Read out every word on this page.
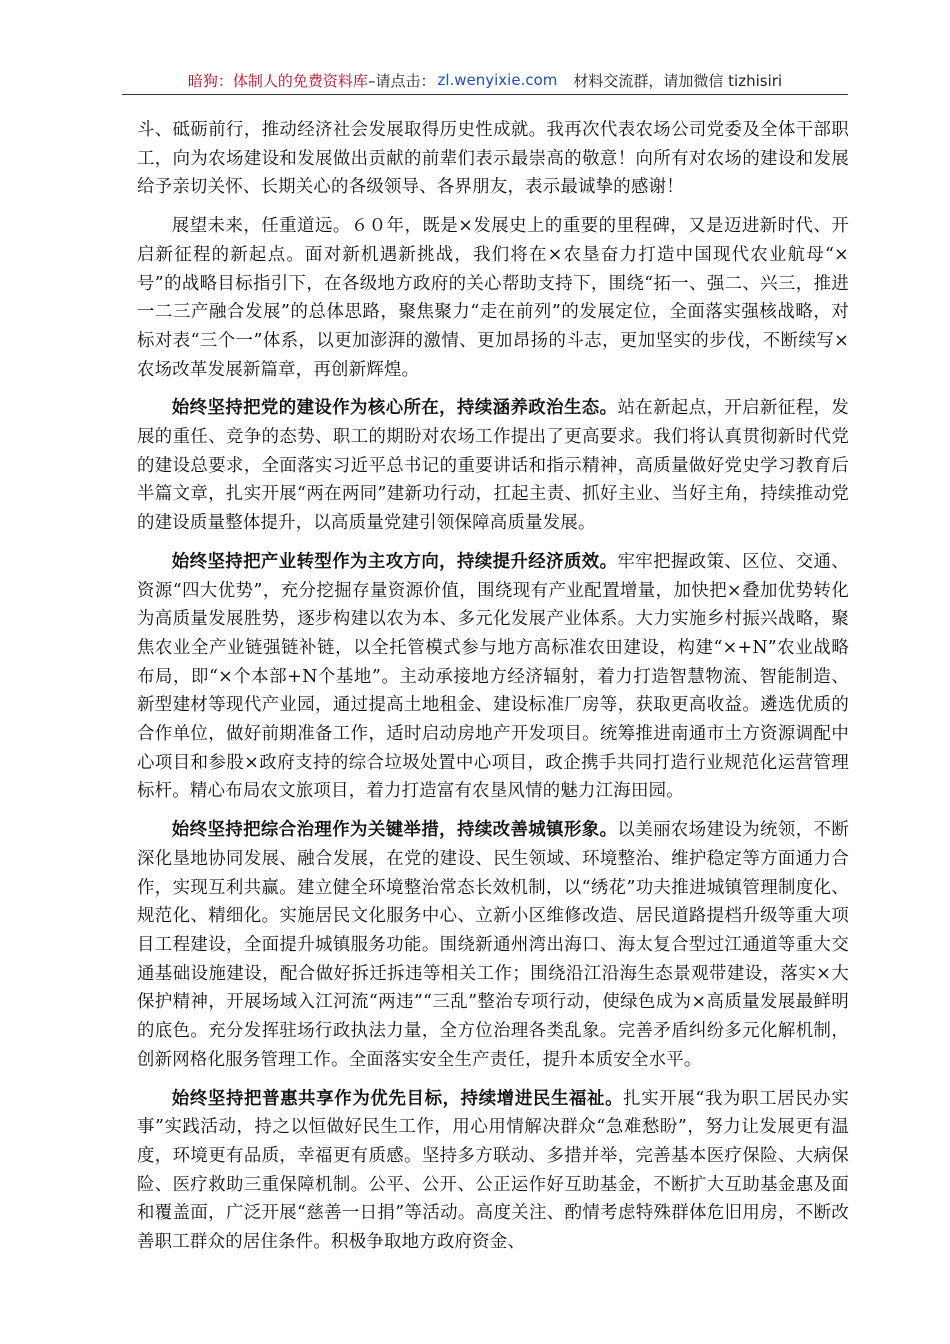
暗狗：体制人的免费资料库 –请点击： zl.wenyixie.com 材料交流群，请加微信 tizhisiri

斗、砥砺前行，推动经济社会发展取得历史性成就。我再次代表农场公司党委及全体干部职工，向为农场建设和发展做出贡献的前辈们表示最崇高的敬意！向所有对农场的建设和发展给予亲切关怀、长期关心的各级领导、各界朋友，表示最诚挚的感谢！

展望未来，任重道远。６０年，既是×发展史上的重要的里程碑，又是迈进新时代、开启新征程的新起点。面对新机遇新挑战，我们将在×农垦奋力打造中国现代农业航母“×号”的战略目标指引下，在各级地方政府的关心帮助支持下，围绕“拓一、强二、兴三，推进一二三产融合发展”的总体思路，聚焦聚力“走在前列”的发展定位，全面落实强核战略，对标对表“三个一”体系，以更加澎湃的激情、更加昂扬的斗志，更加坚实的步伐，不断续写×农场改革发展新篇章，再创新辉煌。

始终坚持把党的建设作为核心所在，持续涵养政治生态。站在新起点，开启新征程，发展的重任、竞争的态势、职工的期盼对农场工作提出了更高要求。我们将认真贯彻新时代党的建设总要求，全面落实习近平总书记的重要讲话和指示精神，高质量做好党史学习教育后半篇文章，扎实开展“两在两同”建新功行动，扛起主责、抓好主业、当好主角，持续推动党的建设质量整体提升，以高质量党建引领保障高质量发展。

始终坚持把产业转型作为主攻方向，持续提升经济质效。牢牢把握政策、区位、交通、资源“四大优势”，充分挖掘存量资源价值，围绕现有产业配置增量，加快把×叠加优势转化为高质量发展胜势，逐步构建以农为本、多元化发展产业体系。大力实施乡村振兴战略，聚焦农业全产业链强链补链，以全托管模式参与地方高标准农田建设，构建“×+N”农业战略布局，即“×个本部+N个基地”。主动承接地方经济辐射，着力打造智慧物流、智能制造、新型建材等现代产业园，通过提高土地租金、建设标准厂房等，获取更高收益。遴选优质的合作单位，做好前期准备工作，适时启动房地产开发项目。统筹推进南通市土方资源调配中心项目和参股×政府支持的综合垃圾处置中心项目，政企携手共同打造行业规范化运营管理标杆。精心布局农文旅项目，着力打造富有农垦风情的魅力江海田园。

始终坚持把综合治理作为关键举措，持续改善城镇形象。以美丽农场建设为统领，不断深化垦地协同发展、融合发展，在党的建设、民生领域、环境整治、维护稳定等方面通力合作，实现互利共赢。建立健全环境整治常态长效机制，以“绣花”功夫推进城镇管理制度化、规范化、精细化。实施居民文化服务中心、立新小区维修改造、居民道路提档升级等重大项目工程建设，全面提升城镇服务功能。围绕新通州湾出海口、海太复合型过江通道等重大交通基础设施建设，配合做好拆迁拆违等相关工作；围绕沿江沿海生态景观带建设，落实×大保护精神，开展场域入江河流“两违”“三乱”整治专项行动，使绿色成为×高质量发展最鲜明的底色。充分发挥驻场行政执法力量，全方位治理各类乱象。完善矛盾纠纷多元化解机制，创新网格化服务管理工作。全面落实安全生产责任，提升本质安全水平。

始终坚持把普惠共享作为优先目标，持续增进民生福祉。扎实开展“我为职工居民办实事”实践活动，持之以恒做好民生工作，用心用情解决群众“急难愁盼”，努力让发展更有温度，环境更有品质，幸福更有质感。坚持多方联动、多措并举，完善基本医疗保险、大病保险、医疗救助三重保障机制。公平、公开、公正运作好互助基金，不断扩大互助基金惠及面和覆盖面，广泛开展“慈善一日捐”等活动。高度关注、酌情考虑特殊群体危旧用房，不断改善职工群众的居住条件。积极争取地方政府资金、
